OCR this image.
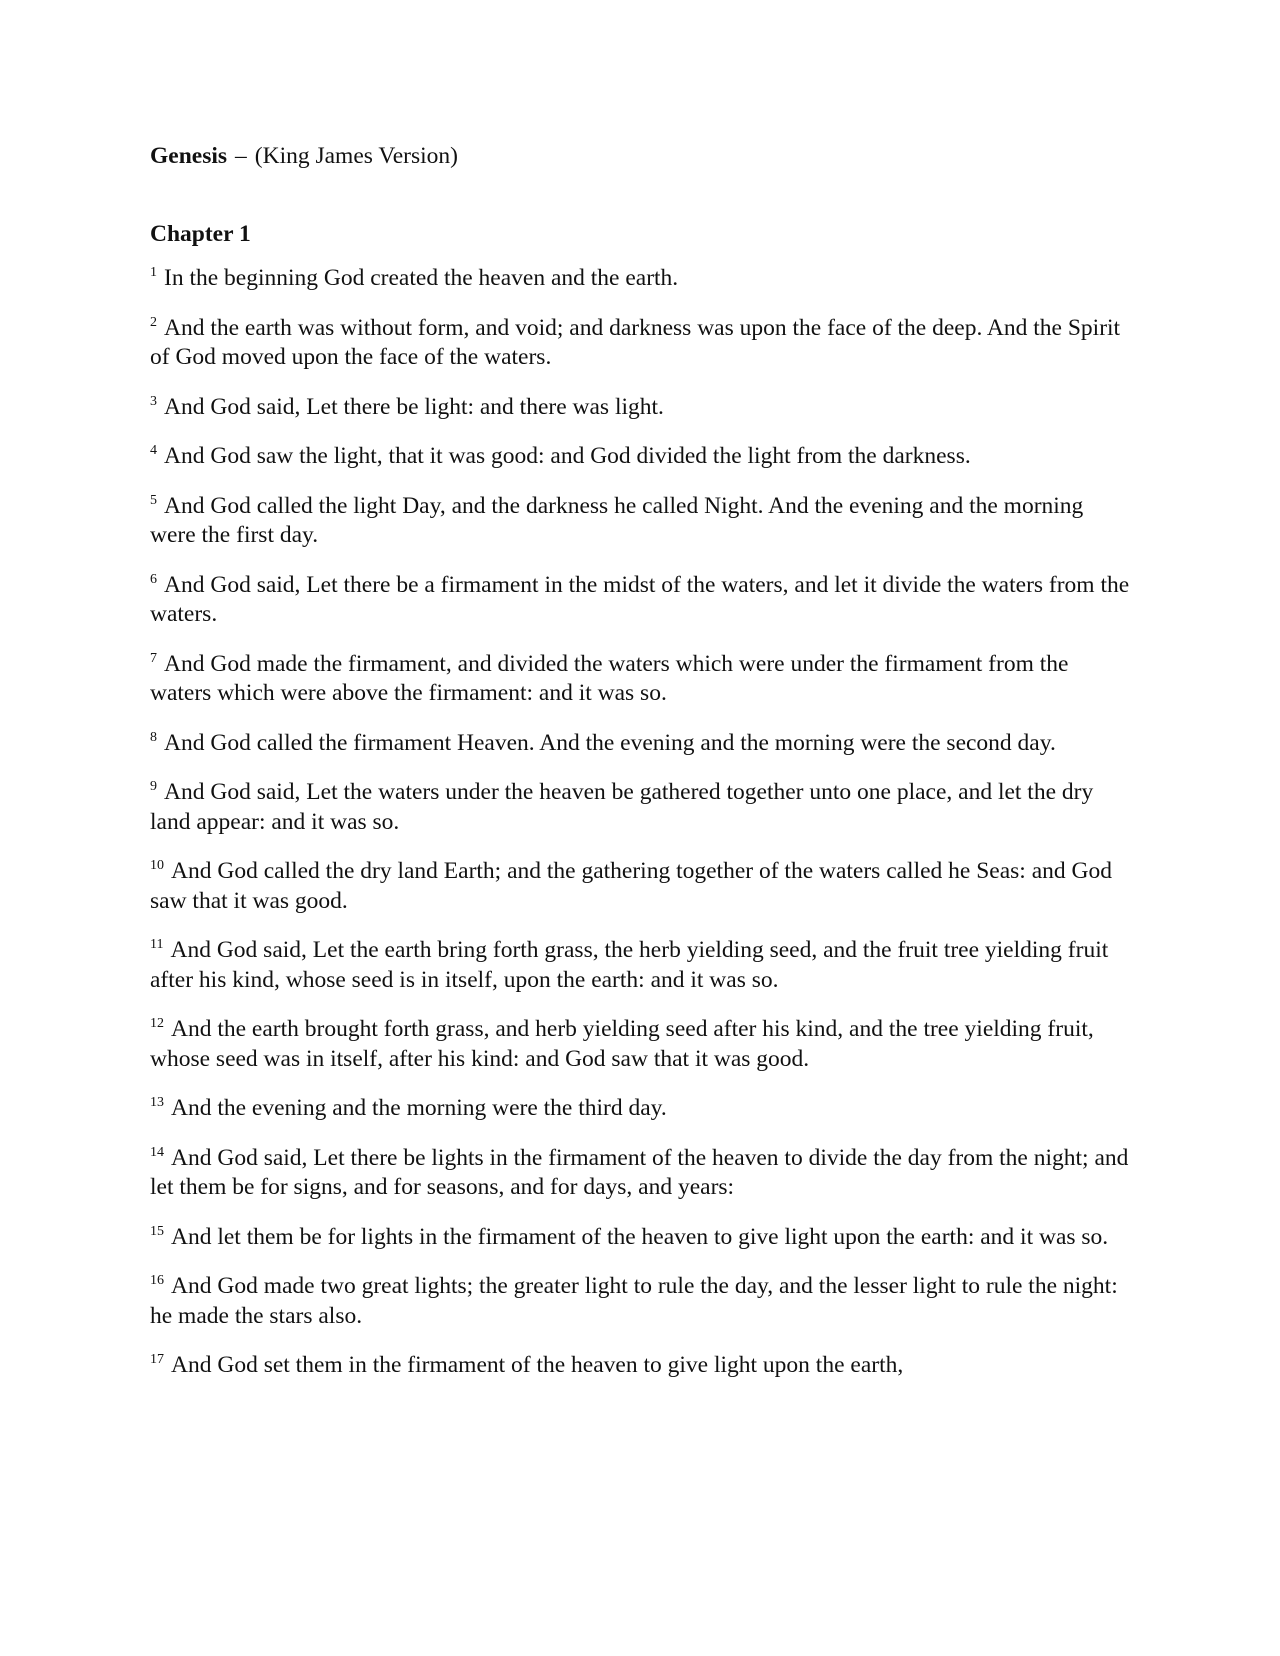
Genesis – (King James Version)
Chapter 1

$^1$ In the beginning God created the heaven and the earth.

$^2$ And the earth was without form, and void; and darkness was upon the face of the deep. And the Spirit of God moved upon the face of the waters.

$^3$ And God said, Let there be light: and there was light.

$^4$ And God saw the light, that it was good: and God divided the light from the darkness.

$^5$ And God called the light Day, and the darkness he called Night. And the evening and the morning were the first day.

$^6$ And God said, Let there be a firmament in the midst of the waters, and let it divide the waters from the waters.

$^7$ And God made the firmament, and divided the waters which were under the firmament from the waters which were above the firmament: and it was so.

$^8$ And God called the firmament Heaven. And the evening and the morning were the second day.

$^9$ And God said, Let the waters under the heaven be gathered together unto one place, and let the dry land appear: and it was so.

$^{10}$ And God called the dry land Earth; and the gathering together of the waters called he Seas: and God saw that it was good.

$^{11}$ And God said, Let the earth bring forth grass, the herb yielding seed, and the fruit tree yielding fruit after his kind, whose seed is in itself, upon the earth: and it was so.

$^{12}$ And the earth brought forth grass, and herb yielding seed after his kind, and the tree yielding fruit, whose seed was in itself, after his kind: and God saw that it was good.

$^{13}$ And the evening and the morning were the third day.

$^{14}$ And God said, Let there be lights in the firmament of the heaven to divide the day from the night; and let them be for signs, and for seasons, and for days, and years:

$^{15}$ And let them be for lights in the firmament of the heaven to give light upon the earth: and it was so.

$^{16}$ And God made two great lights; the greater light to rule the day, and the lesser light to rule the night: he made the stars also.

$^{17}$ And God set them in the firmament of the heaven to give light upon the earth,
